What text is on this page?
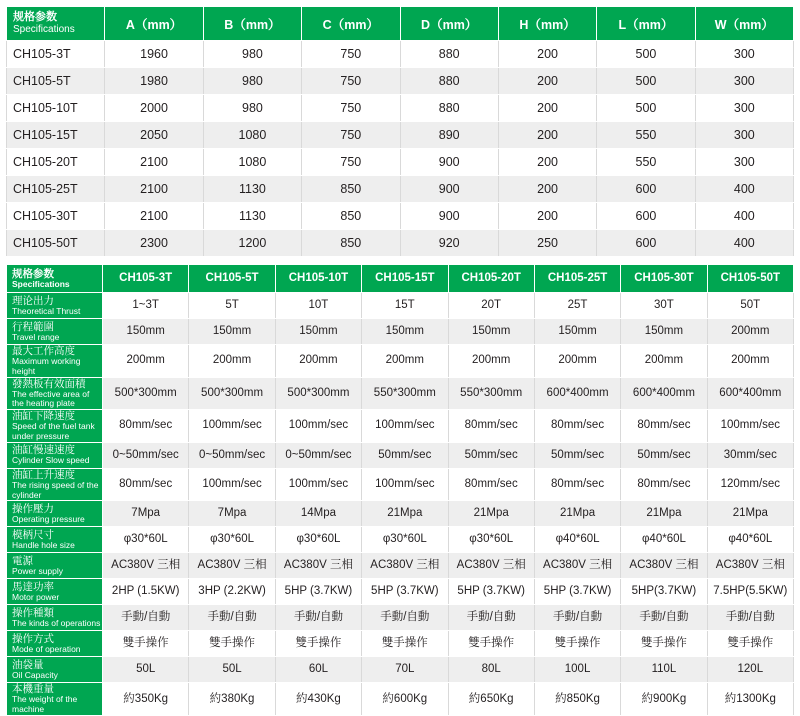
规格参数
Specifications	A（mm）	B（mm）	C（mm）	D（mm）	H（mm）	L（mm）	W（mm）
CH105-3T	1960	980	750	880	200	500	300
CH105-5T	1980	980	750	880	200	500	300
CH105-10T	2000	980	750	880	200	500	300
CH105-15T	2050	1080	750	890	200	550	300
CH105-20T	2100	1080	750	900	200	550	300
CH105-25T	2100	1130	850	900	200	600	400
CH105-30T	2100	1130	850	900	200	600	400
CH105-50T	2300	1200	850	920	250	600	400
规格参数
Specifications	CH105-3T	CH105-5T	CH105-10T	CH105-15T	CH105-20T	CH105-25T	CH105-30T	CH105-50T

理论出力
Theoretical Thrust	1~3T	5T	10T	15T	20T	25T	30T	50T

行程範圍
Travel range	150mm	150mm	150mm	150mm	150mm	150mm	150mm	200mm

最大工作高度
Maximum working height	200mm	200mm	200mm	200mm	200mm	200mm	200mm	200mm

發熱板有效面積
The effective area of the heating plate	500*300mm	500*300mm	500*300mm	550*300mm	550*300mm	600*400mm	600*400mm	600*400mm

油缸下降速度
Speed of the fuel tank under pressure	80mm/sec	100mm/sec	100mm/sec	100mm/sec	80mm/sec	80mm/sec	80mm/sec	100mm/sec

油缸慢速速度
Cylinder Slow speed	0~50mm/sec	0~50mm/sec	0~50mm/sec	50mm/sec	50mm/sec	50mm/sec	50mm/sec	30mm/sec

油缸上升速度
The rising speed of the cylinder	80mm/sec	100mm/sec	100mm/sec	100mm/sec	80mm/sec	80mm/sec	80mm/sec	120mm/sec

操作壓力
Operating pressure	7Mpa	7Mpa	14Mpa	21Mpa	21Mpa	21Mpa	21Mpa	21Mpa

模柄尺寸
Handle hole size	φ30*60L	φ30*60L	φ30*60L	φ30*60L	φ30*60L	φ40*60L	φ40*60L	φ40*60L

電源
Power supply	AC380V 三相	AC380V 三相	AC380V 三相	AC380V 三相	AC380V 三相	AC380V 三相	AC380V 三相	AC380V 三相

馬達功率
Motor power	2HP (1.5KW)	3HP (2.2KW)	5HP (3.7KW)	5HP (3.7KW)	5HP (3.7KW)	5HP (3.7KW)	5HP(3.7KW)	7.5HP(5.5KW)

操作種類
The kinds of operations	手動/自動	手動/自動	手動/自動	手動/自動	手動/自動	手動/自動	手動/自動	手動/自動

操作方式
Mode of operation	雙手操作	雙手操作	雙手操作	雙手操作	雙手操作	雙手操作	雙手操作	雙手操作

油袋量
Oil Capacity	50L	50L	60L	70L	80L	100L	110L	120L

本機重量
The weight of the machine	約350Kg	約380Kg	約430Kg	約600Kg	約650Kg	約850Kg	約900Kg	約1300Kg
